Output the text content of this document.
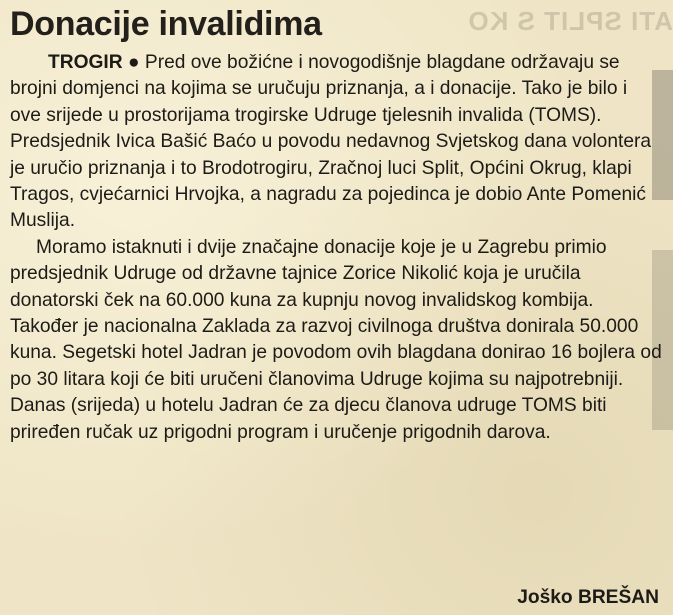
ATI SPLIT S KO
Donacije invalidima

TROGIR ● Pred ove božićne i novogodišnje blagdane održavaju se brojni domjenci na kojima se uručuju priznanja, a i donacije. Tako je bilo i ove srijede u prostorijama trogirske Udruge tjelesnih invalida (TOMS). Predsjednik Ivica Bašić Baćo u povodu nedavnog Svjetskog dana volontera je uručio priznanja i to Brodotrogiru, Zračnoj luci Split, Općini Okrug, klapi Tragos, cvjećarnici Hrvojka, a nagradu za pojedinca je dobio Ante Pomenić Muslija.

Moramo istaknuti i dvije značajne donacije koje je u Zagrebu primio predsjednik Udruge od državne tajnice Zorice Nikolić koja je uručila donatorski ček na 60.000 kuna za kupnju novog invalidskog kombija. Također je nacionalna Zaklada za razvoj civilnoga društva donirala 50.000 kuna. Segetski hotel Jadran je povodom ovih blagdana donirao 16 bojlera od po 30 litara koji će biti uručeni članovima Udruge kojima su najpotrebniji. Danas (srijeda) u hotelu Jadran će za djecu članova udruge TOMS biti priređen ručak uz prigodni program i uručenje prigodnih darova.

Joško BREŠAN
